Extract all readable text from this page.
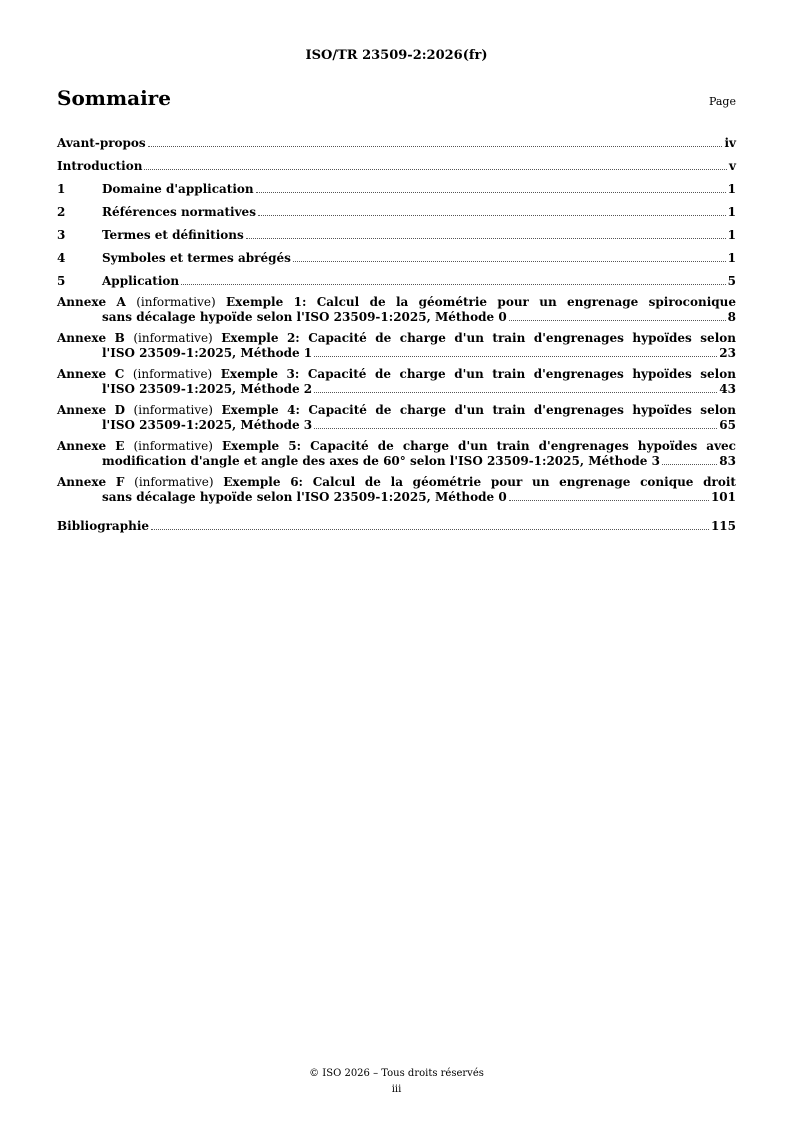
ISO/TR 23509-2:2026(fr)
Sommaire	Page
Avant-propos	iv
Introduction	v
1	Domaine d'application	1
2	Références normatives	1
3	Termes et définitions	1
4	Symboles et termes abrégés	1
5	Application	5
Annexe A (informative) Exemple 1: Calcul de la géométrie pour un engrenage spiroconique
sans décalage hypoïde selon l'ISO 23509-1:2025, Méthode 0	8
Annexe B (informative) Exemple 2: Capacité de charge d'un train d'engrenages hypoïdes selon
l'ISO 23509-1:2025, Méthode 1	23
Annexe C (informative) Exemple 3: Capacité de charge d'un train d'engrenages hypoïdes selon
l'ISO 23509-1:2025, Méthode 2	43
Annexe D (informative) Exemple 4: Capacité de charge d'un train d'engrenages hypoïdes selon
l'ISO 23509-1:2025, Méthode 3	65
Annexe E (informative) Exemple 5: Capacité de charge d'un train d'engrenages hypoïdes avec
modification d'angle et angle des axes de 60° selon l'ISO 23509-1:2025, Méthode 3	83
Annexe F (informative) Exemple 6: Calcul de la géométrie pour un engrenage conique droit
sans décalage hypoïde selon l'ISO 23509-1:2025, Méthode 0	101
Bibliographie	115
© ISO 2026 – Tous droits réservés
iii
